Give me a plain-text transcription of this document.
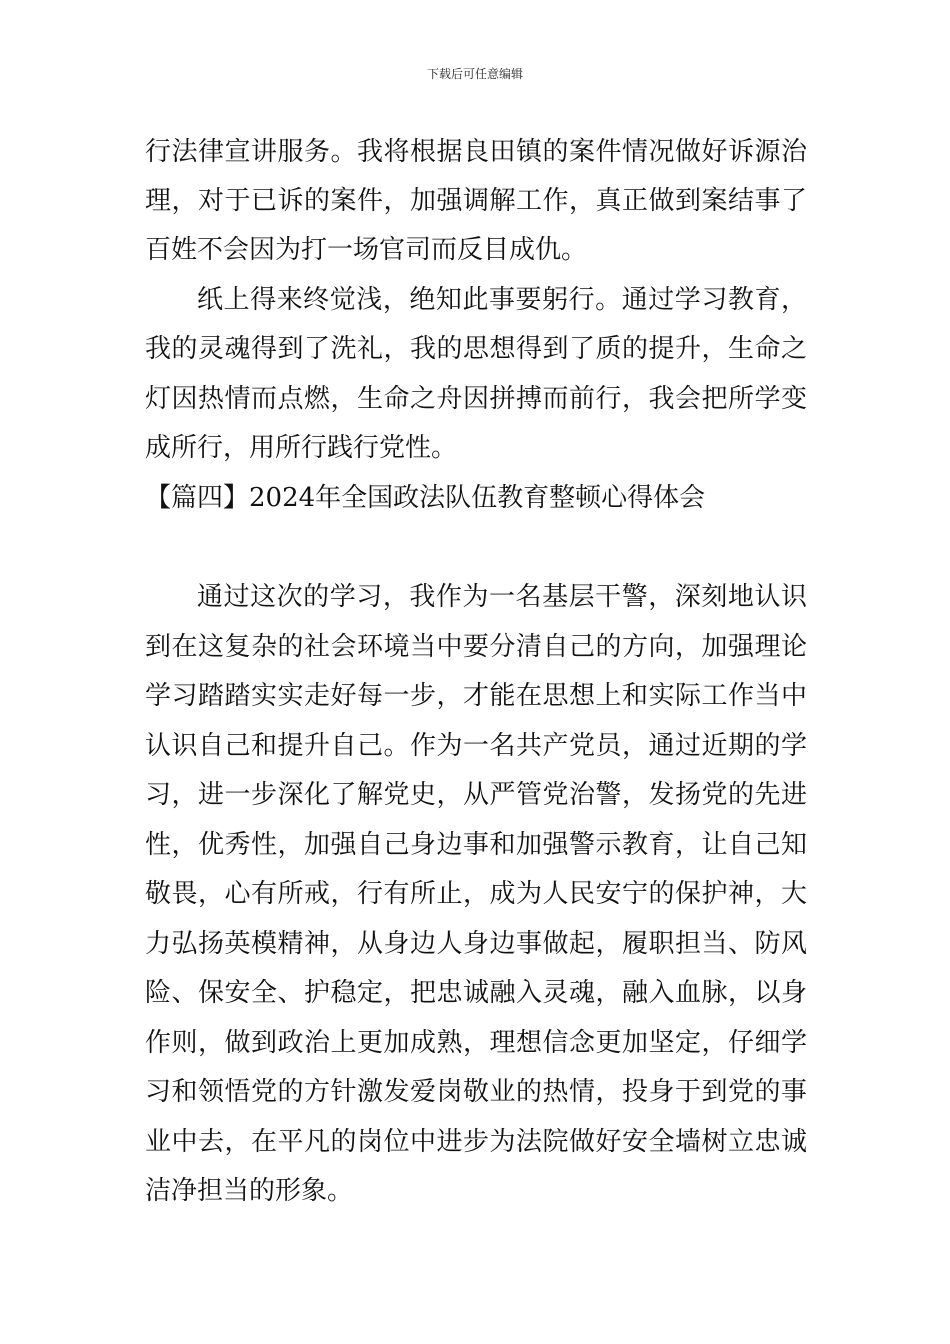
下载后可任意编辑
行法律宣讲服务。我将根据良田镇的案件情况做好诉源治
理，对于已诉的案件，加强调解工作，真正做到案结事了
百姓不会因为打一场官司而反目成仇。
纸上得来终觉浅，绝知此事要躬行。通过学习教育，
我的灵魂得到了洗礼，我的思想得到了质的提升，生命之
灯因热情而点燃，生命之舟因拼搏而前行，我会把所学变
成所行，用所行践行党性。
【篇四】2024年全国政法队伍教育整顿心得体会
通过这次的学习，我作为一名基层干警，深刻地认识
到在这复杂的社会环境当中要分清自己的方向，加强理论
学习踏踏实实走好每一步，才能在思想上和实际工作当中
认识自己和提升自己。作为一名共产党员，通过近期的学
习，进一步深化了解党史，从严管党治警，发扬党的先进
性，优秀性，加强自己身边事和加强警示教育，让自己知
敬畏，心有所戒，行有所止，成为人民安宁的保护神，大
力弘扬英模精神，从身边人身边事做起，履职担当、防风
险、保安全、护稳定，把忠诚融入灵魂，融入血脉，以身
作则，做到政治上更加成熟，理想信念更加坚定，仔细学
习和领悟党的方针激发爱岗敬业的热情，投身于到党的事
业中去，在平凡的岗位中进步为法院做好安全墙树立忠诚
洁净担当的形象。
